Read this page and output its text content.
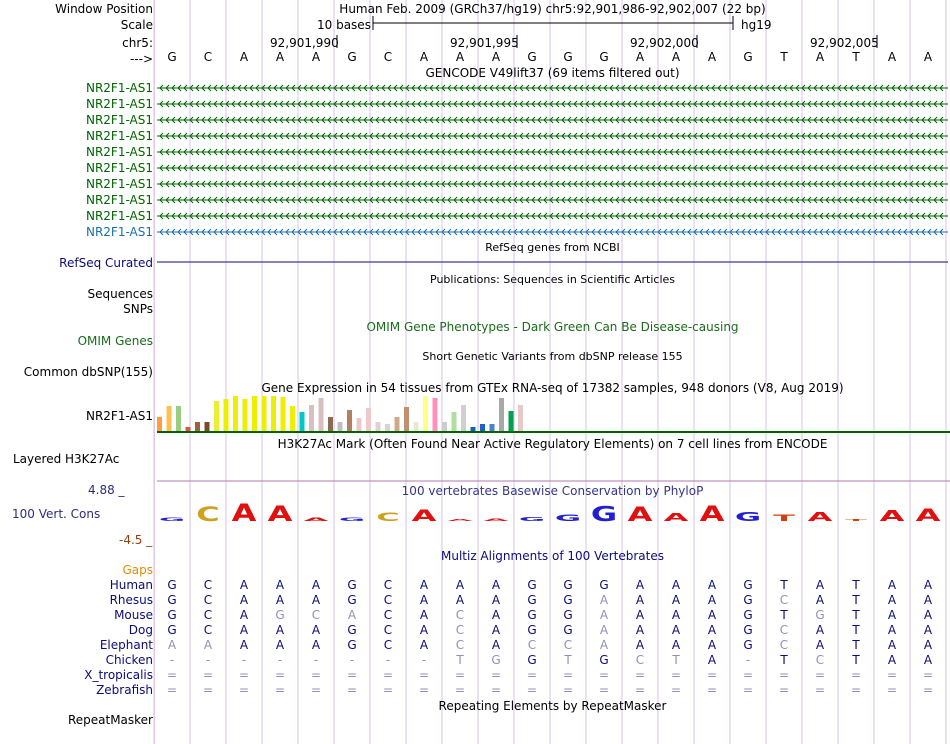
G C A A A G C A A A G G G A A A G T A T A A
Window Position	Human Feb. 2009 (GRCh37/hg19) chr5:92,901,986-92,902,007 (22 bp)
Scale	10 bases	hg19
chr5:	92,901,990	92,901,995	92,902,000	92,902,005
--->	G	C	A	A	A	G	C	A	A	A	G	G	G	A	A	A	G	T	A	T	A	A
GENCODE V49lift37 (69 items filtered out)
NR2F1-AS1
NR2F1-AS1
NR2F1-AS1
NR2F1-AS1
NR2F1-AS1
NR2F1-AS1
NR2F1-AS1
NR2F1-AS1
NR2F1-AS1
NR2F1-AS1
RefSeq genes from NCBI
RefSeq Curated
Publications: Sequences in Scientific Articles
Sequences
SNPs
OMIM Gene Phenotypes - Dark Green Can Be Disease-causing
OMIM Genes
Short Genetic Variants from dbSNP release 155
Common dbSNP(155)
Gene Expression in 54 tissues from GTEx RNA-seq of 17382 samples, 948 donors (V8, Aug 2019)
NR2F1-AS1
H3K27Ac Mark (Often Found Near Active Regulatory Elements) on 7 cell lines from ENCODE
Layered H3K27Ac
100 vertebrates Basewise Conservation by PhyloP
4.88 _
100 Vert. Cons
-4.5 _
Multiz Alignments of 100 Vertebrates
Gaps
Human	G	C	A	A	A	G	C	A	A	A	G	G	G	A	A	A	G	T	A	T	A	A
Rhesus	G	C	A	A	A	G	C	A	A	A	G	G	A	A	A	A	G	C	A	T	A	A
Mouse	G	C	A	G	C	A	C	A	C	A	G	G	A	A	A	A	G	T	G	T	A	A
Dog	G	C	A	A	A	G	C	A	C	A	G	G	A	A	A	A	G	C	A	T	A	A
Elephant	A	A	A	A	A	G	C	A	C	A	C	C	A	A	A	A	G	C	A	T	A	A
Chicken	-	-	-	-	-	-	-	-	T	G	G	T	G	C	T	A	-	T	C	T	A	A
X_tropicalis	=	=	=	=	=	=	=	=	=	=	=	=	=	=	=	=	=	=	=	=	=	=
Zebrafish	=	=	=	=	=	=	=	=	=	=	=	=	=	=	=	=	=	=	=	=	=	=
Repeating Elements by RepeatMasker
RepeatMasker
